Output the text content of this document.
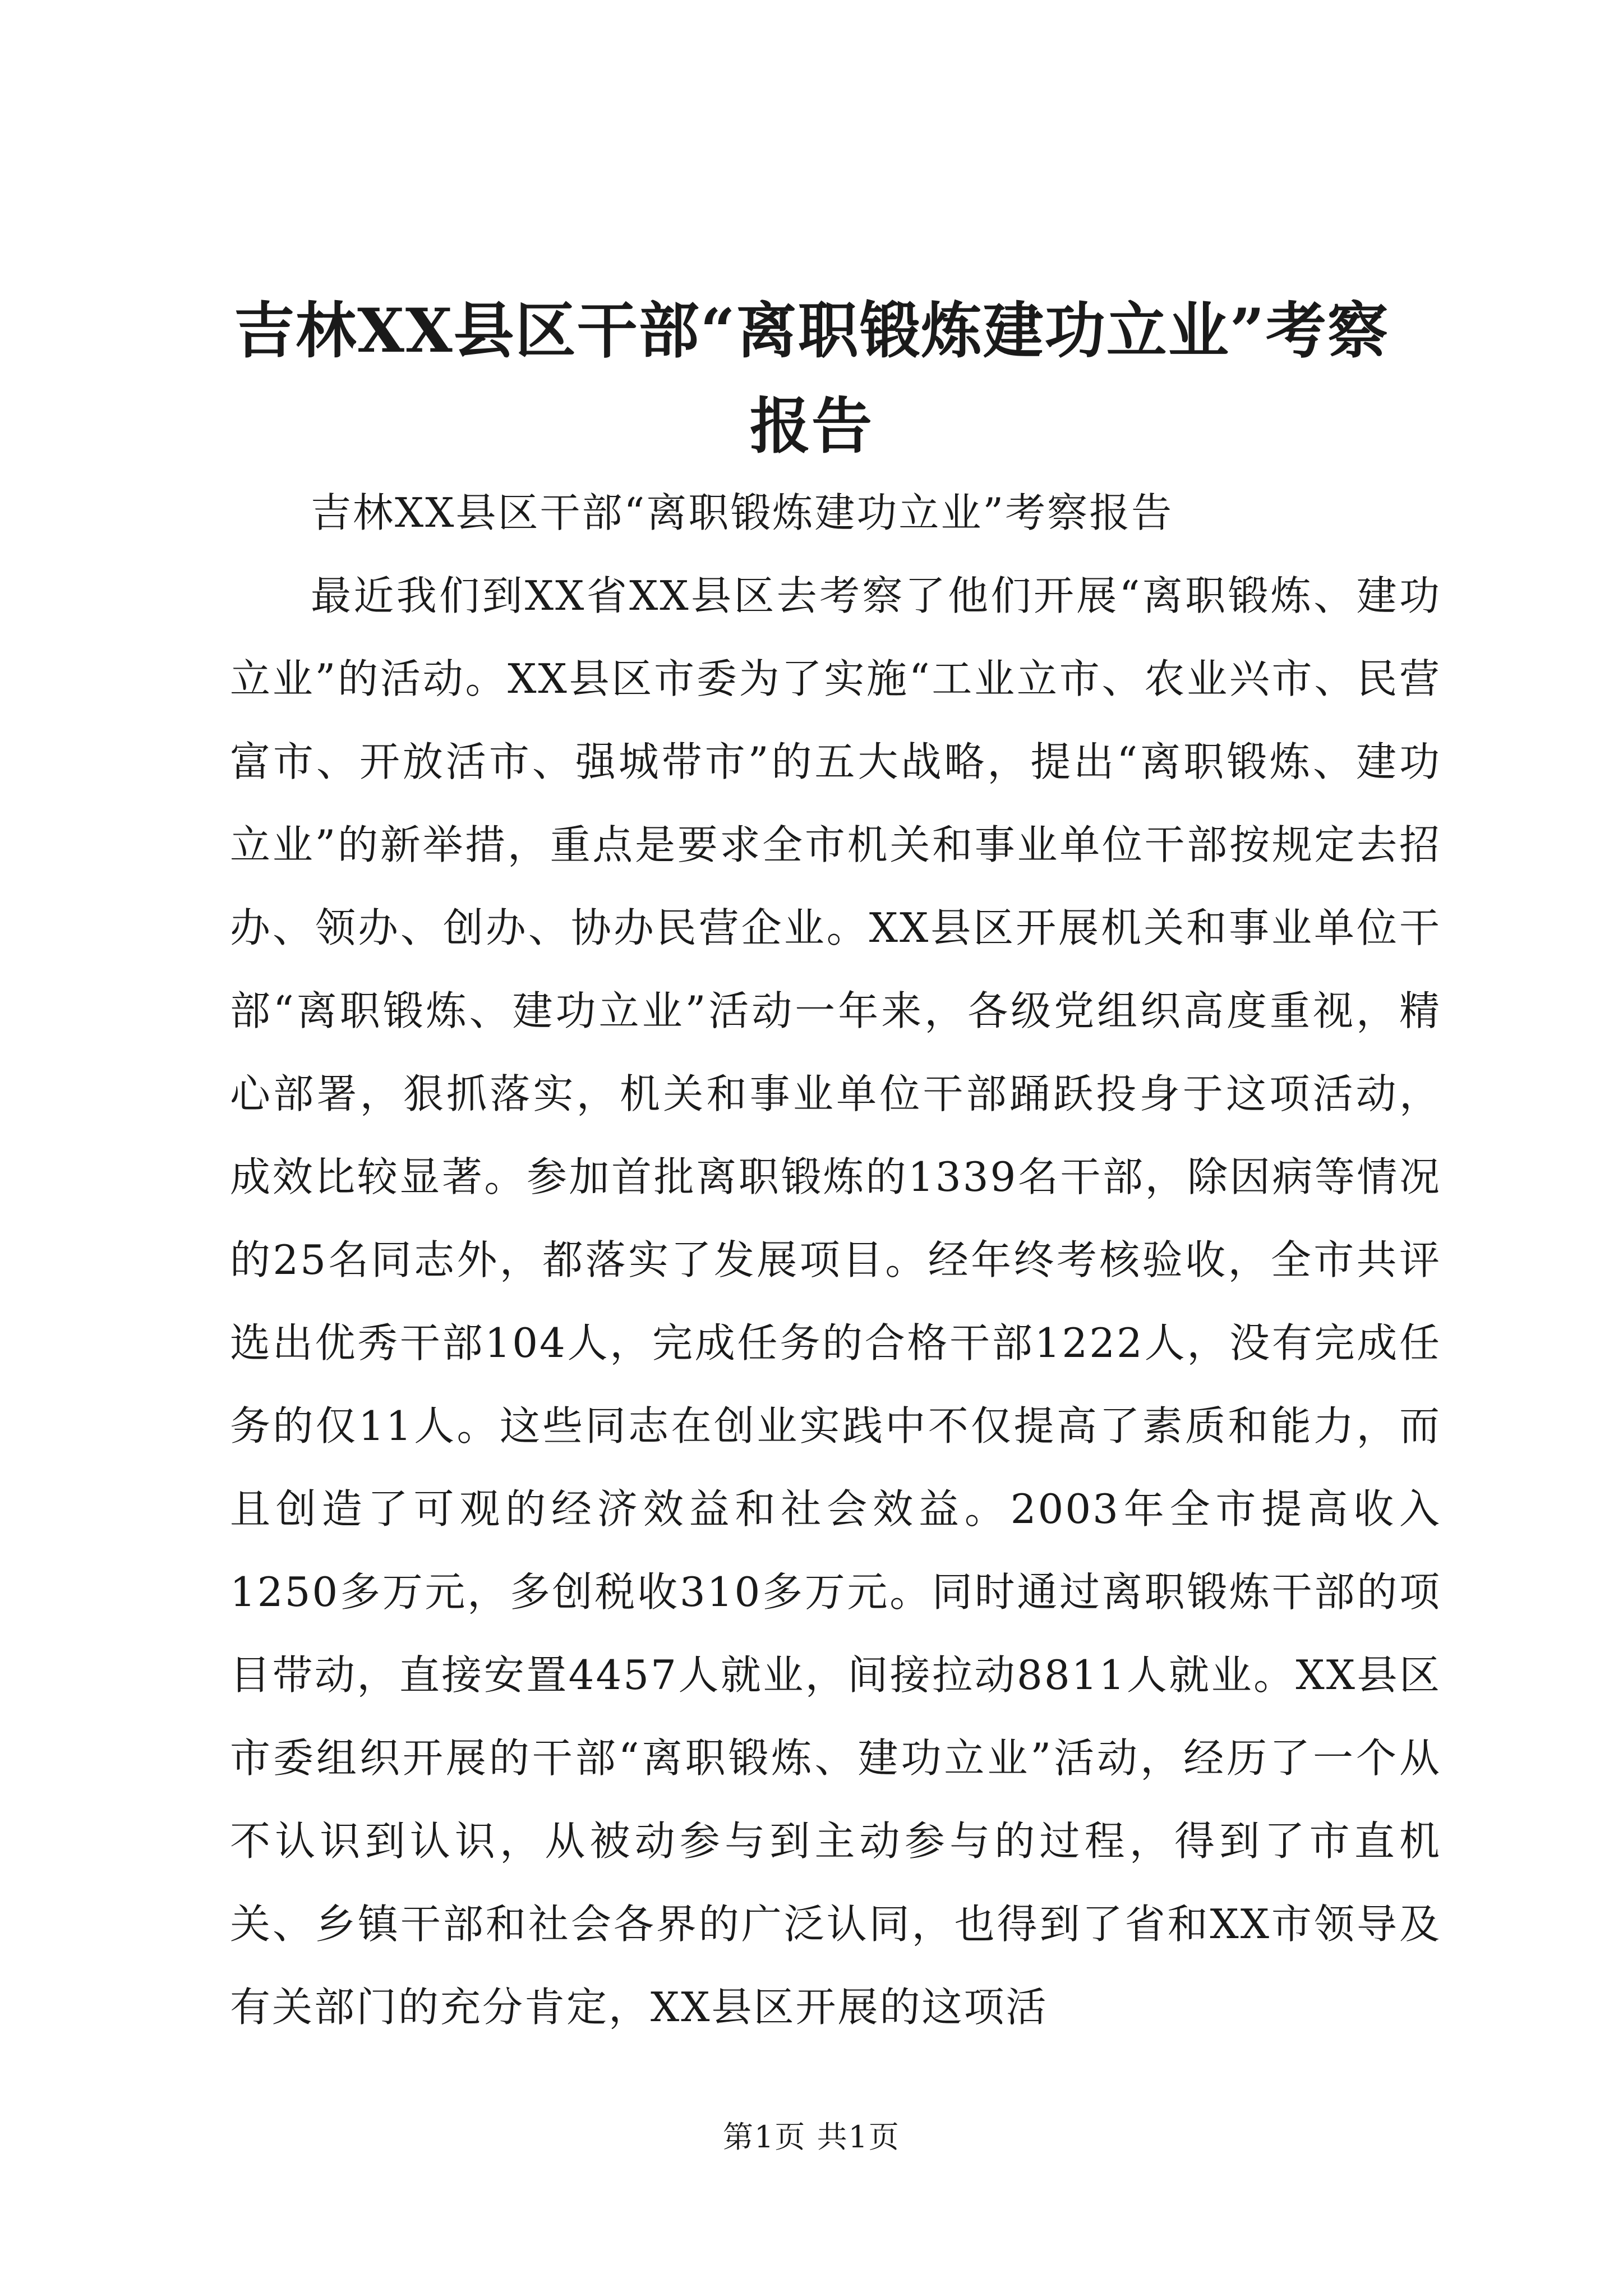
吉林XX县区干部“离职锻炼建功立业”考察报告

吉林XX县区干部“离职锻炼建功立业”考察报告

最近我们到XX省XX县区去考察了他们开展“离职锻炼、建功立业”的活动。XX县区市委为了实施“工业立市、农业兴市、民营富市、开放活市、强城带市”的五大战略，提出“离职锻炼、建功立业”的新举措，重点是要求全市机关和事业单位干部按规定去招办、领办、创办、协办民营企业。XX县区开展机关和事业单位干部“离职锻炼、建功立业”活动一年来，各级党组织高度重视，精心部署，狠抓落实，机关和事业单位干部踊跃投身于这项活动，成效比较显著。参加首批离职锻炼的1339名干部，除因病等情况的25名同志外，都落实了发展项目。经年终考核验收，全市共评选出优秀干部104人，完成任务的合格干部1222人，没有完成任务的仅11人。这些同志在创业实践中不仅提高了素质和能力，而且创造了可观的经济效益和社会效益。2003年全市提高收入1250多万元，多创税收310多万元。同时通过离职锻炼干部的项目带动，直接安置4457人就业，间接拉动8811人就业。XX县区市委组织开展的干部“离职锻炼、建功立业”活动，经历了一个从不认识到认识，从被动参与到主动参与的过程，得到了市直机关、乡镇干部和社会各界的广泛认同，也得到了省和XX市领导及有关部门的充分肯定，XX县区开展的这项活

第1页 共1页
